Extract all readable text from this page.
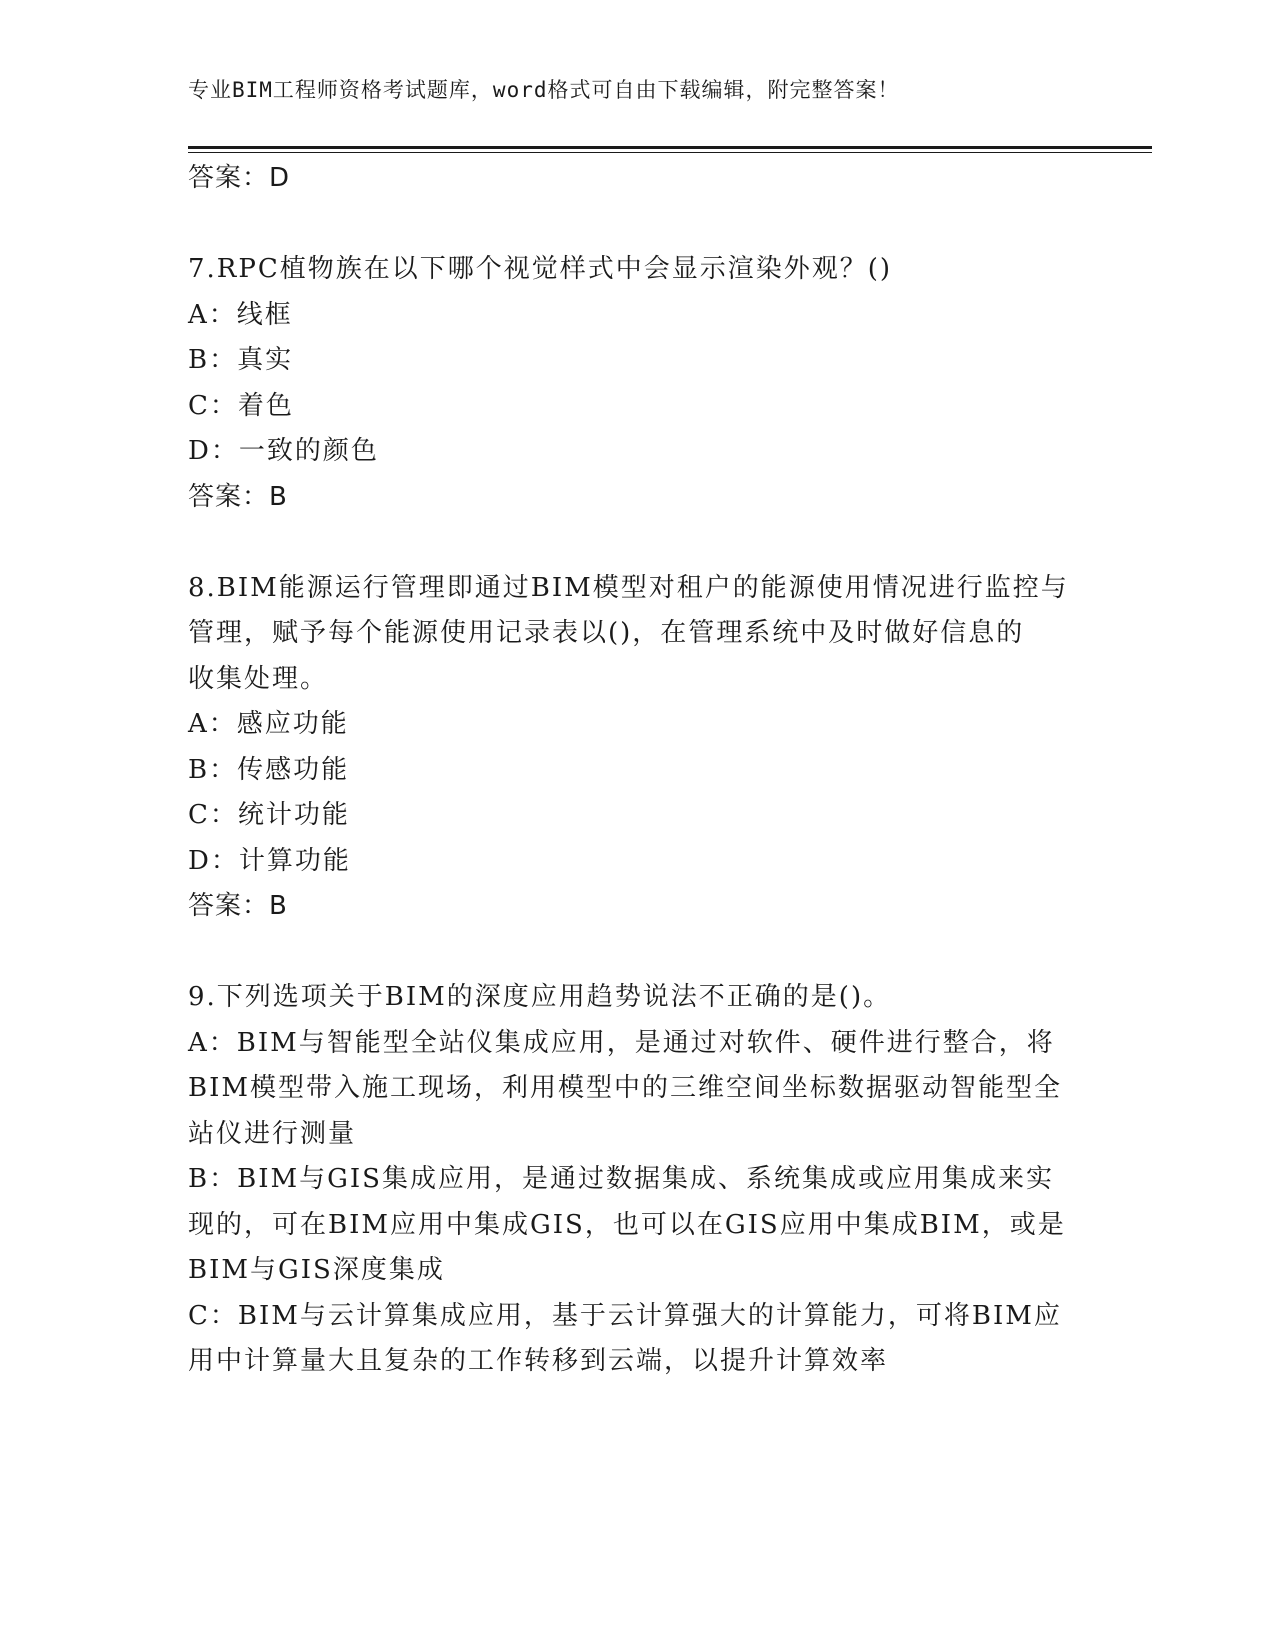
专业BIM工程师资格考试题库，word格式可自由下载编辑，附完整答案！
答案：D
7.RPC植物族在以下哪个视觉样式中会显示渲染外观？()
A：线框
B：真实
C：着色
D：一致的颜色
答案：B
8.BIM能源运行管理即通过BIM模型对租户的能源使用情况进行监控与
管理，赋予每个能源使用记录表以()，在管理系统中及时做好信息的
收集处理。
A：感应功能
B：传感功能
C：统计功能
D：计算功能
答案：B
9.下列选项关于BIM的深度应用趋势说法不正确的是()。
A：BIM与智能型全站仪集成应用，是通过对软件、硬件进行整合，将
BIM模型带入施工现场，利用模型中的三维空间坐标数据驱动智能型全
站仪进行测量
B：BIM与GIS集成应用，是通过数据集成、系统集成或应用集成来实
现的，可在BIM应用中集成GIS，也可以在GIS应用中集成BIM，或是
BIM与GIS深度集成
C：BIM与云计算集成应用，基于云计算强大的计算能力，可将BIM应
用中计算量大且复杂的工作转移到云端，以提升计算效率
